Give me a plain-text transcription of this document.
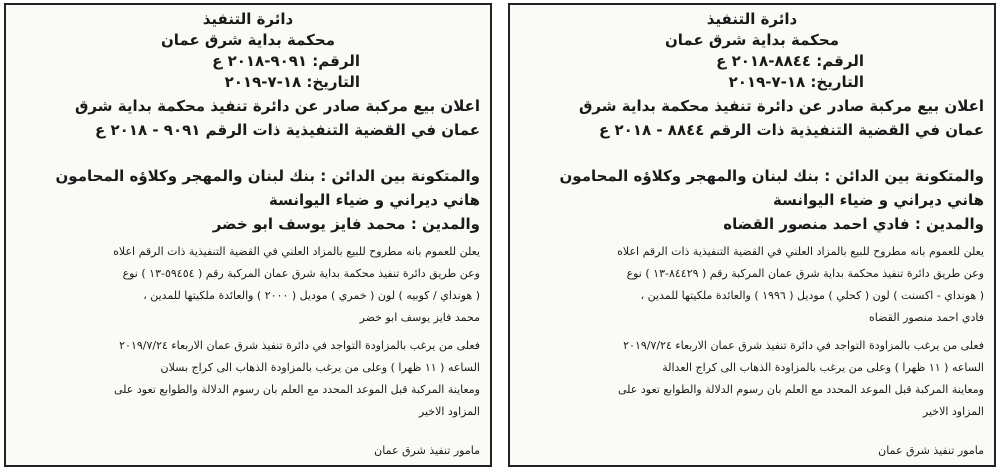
دائرة التنفيذ
محكمة بداية شرق عمان
الرقم: ٨٨٤٤-٢٠١٨ ع
التاريخ: ١٨-٧-٢٠١٩
اعلان بيع مركبة صادر عن دائرة تنفيذ محكمة بداية شرق
عمان في القضية التنفيذية ذات الرقم ٨٨٤٤ - ٢٠١٨ ع
والمتكونة بين الدائن : بنك لبنان والمهجر وكلاؤه المحامون
هاني ديراني و ضياء اليوانسة
والمدين : فادي احمد منصور القضاه
يعلن للعموم بانه مطروح للبيع بالمزاد العلني في القضية التنفيذية ذات الرقم اعلاه
وعن طريق دائرة تنفيذ محكمة بداية شرق عمان المركبة رقم ( ٨٤٤٢٩-١٣ ) نوع
( هونداي - اكسنت ) لون ( كحلي ) موديل ( ١٩٩٦ ) والعائدة ملكيتها للمدين ،
فادي احمد منصور القضاه
فعلى من يرغب بالمزاودة التواجد في دائرة تنفيذ شرق عمان الاربعاء ٢٠١٩/٧/٢٤
الساعه ( ١١ ظهرا ) وعلى من يرغب بالمزاودة الذهاب الى كراج العدالة
ومعاينة المركبة قبل الموعد المحدد مع العلم بان رسوم الدلالة والطوابع تعود على
المزاود الاخير
مامور تنفيذ شرق عمان
دائرة التنفيذ
محكمة بداية شرق عمان
الرقم: ٩٠٩١-٢٠١٨ ع
التاريخ: ١٨-٧-٢٠١٩
اعلان بيع مركبة صادر عن دائرة تنفيذ محكمة بداية شرق
عمان في القضية التنفيذية ذات الرقم ٩٠٩١ - ٢٠١٨ ع
والمتكونة بين الدائن : بنك لبنان والمهجر وكلاؤه المحامون
هاني ديراني و ضياء اليوانسة
والمدين : محمد فايز يوسف ابو خضر
يعلن للعموم بانه مطروح للبيع بالمزاد العلني في القضية التنفيذية ذات الرقم اعلاه
وعن طريق دائرة تنفيذ محكمة بداية شرق عمان المركبة رقم ( ٥٩٤٥٤-١٣ ) نوع
( هونداي / كوبيه ) لون ( خمري ) موديل ( ٢٠٠٠ ) والعائدة ملكيتها للمدين ،
محمد فايز يوسف ابو خضر
فعلى من يرغب بالمزاودة التواجد في دائرة تنفيذ شرق عمان الاربعاء ٢٠١٩/٧/٢٤
الساعه ( ١١ ظهرا ) وعلى من يرغب بالمزاودة الذهاب الى كراج بسلان
ومعاينة المركبة قبل الموعد المحدد مع العلم بان رسوم الدلالة والطوابع تعود على
المزاود الاخير
مامور تنفيذ شرق عمان
